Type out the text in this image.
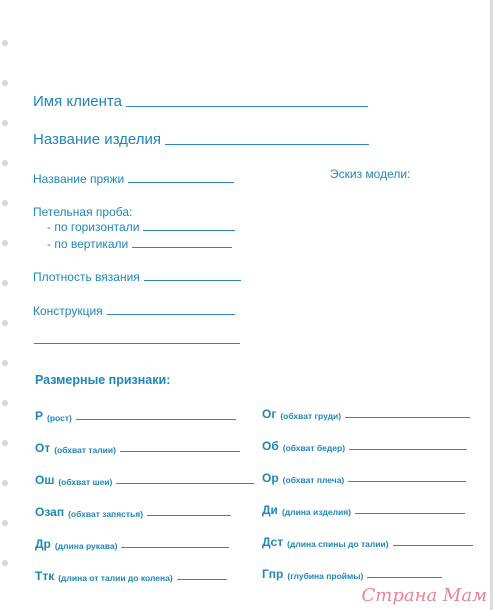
Имя клиента
Название изделия
Название пряжи	Эскиз модели:
Петельная проба:
- по горизонтали
- по вертикали
Плотность вязания
Конструкция
Размерные признаки:
Р (рост)
От (обхват талии)
Ош (обхват шеи)
Озап (обхват запястья)
Др (длина рукава)
Ттк (длина от талии до колена)
Ог (обхват груди)
Об (обхват бедер)
Ор (обхват плеча)
Ди (длина изделия)
Дст (длина спины до талии)
Гпр (глубина проймы)
Страна Мам
